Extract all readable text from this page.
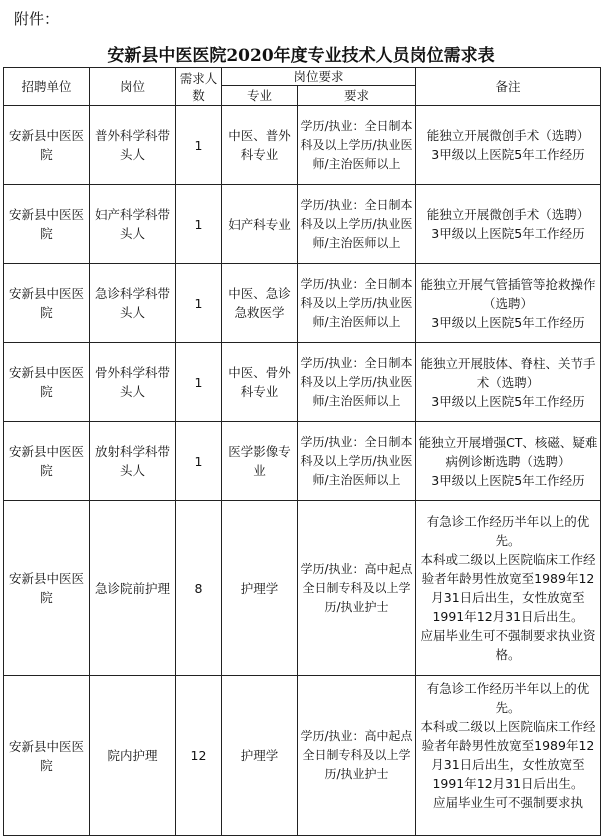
附件：
安新县中医医院2020年度专业技术人员岗位需求表
招聘单位	岗位	需求人数	岗位要求		备注
			专业	要求	
安新县中医医院	普外科学科带头人	1	中医、普外科专业	学历/执业：全日制本科及以上学历/执业医师/主治医师以上	能独立开展微创手术（选聘）

3甲级以上医院5年工作经历

安新县中医医院	妇产科学科带头人	1	妇产科专业	学历/执业：全日制本科及以上学历/执业医师/主治医师以上	能独立开展微创手术（选聘）

3甲级以上医院5年工作经历

安新县中医医院	急诊科学科带头人	1	中医、急诊急救医学	学历/执业：全日制本科及以上学历/执业医师/主治医师以上	能独立开展气管插管等抢救操作（选聘）

3甲级以上医院5年工作经历

安新县中医医院	骨外科学科带头人	1	中医、骨外科专业	学历/执业：全日制本科及以上学历/执业医师/主治医师以上	能独立开展肢体、脊柱、关节手术（选聘）

3甲级以上医院5年工作经历

安新县中医医院	放射科学科带头人	1	医学影像专业	学历/执业：全日制本科及以上学历/执业医师/主治医师以上	能独立开展增强CT、核磁、疑难病例诊断选聘（选聘）

3甲级以上医院5年工作经历

安新县中医医院	急诊院前护理	8	护理学	学历/执业：高中起点全日制专科及以上学历/执业护士	有急诊工作经历半年以上的优先。

本科或二级以上医院临床工作经验者年龄男性放宽至1989年12月31日后出生，女性放宽至1991年12月31日后出生。

应届毕业生可不强制要求执业资格。

安新县中医医院	院内护理	12	护理学	学历/执业：高中起点全日制专科及以上学历/执业护士	有急诊工作经历半年以上的优先。

本科或二级以上医院临床工作经验者年龄男性放宽至1989年12月31日后出生，女性放宽至1991年12月31日后出生。

应届毕业生可不强制要求执
